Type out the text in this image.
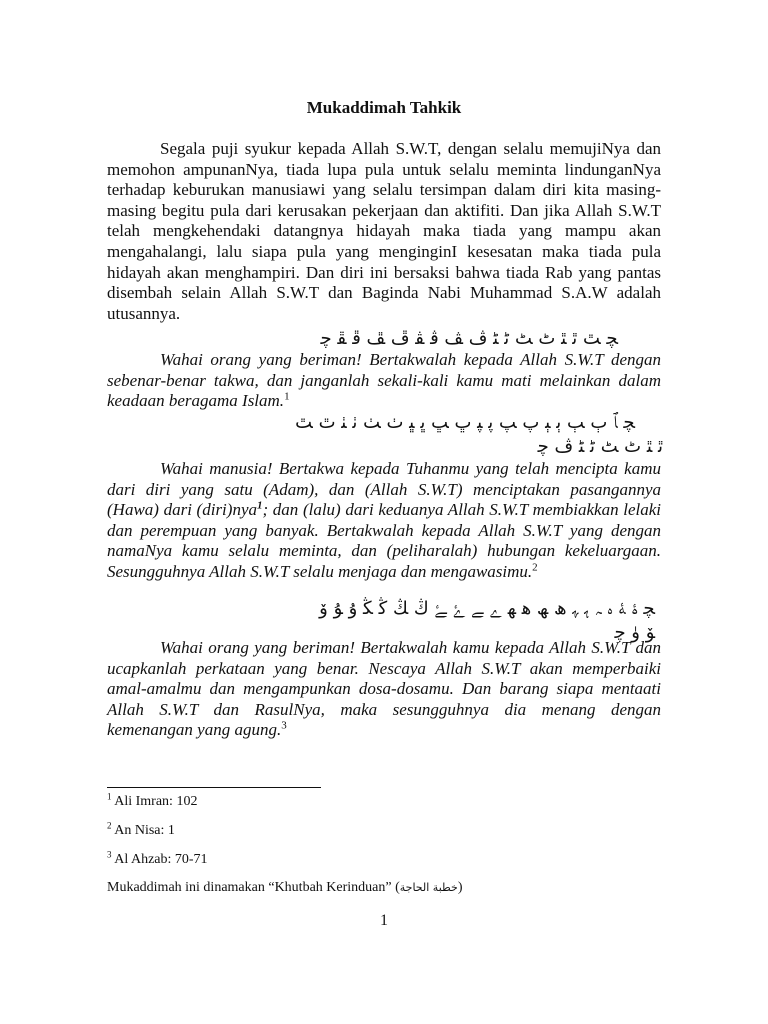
Mukaddimah Tahkik

Segala puji syukur kepada Allah S.W.T, dengan selalu memujiNya dan memohon ampunanNya, tiada lupa pula untuk selalu meminta lindunganNya terhadap keburukan manusiawi yang selalu tersimpan dalam diri kita masing-masing begitu pula dari kerusakan pekerjaan dan aktifiti. Dan jika Allah S.W.T telah mengkehendaki datangnya hidayah maka tiada yang mampu akan mengahalangi, lalu siapa pula yang menginginI kesesatan maka tiada pula hidayah akan menghampiri. Dan diri ini bersaksi bahwa tiada Rab yang pantas disembah selain Allah S.W.T dan Baginda Nabi Muhammad S.A.W adalah utusannya.

ﭽ ﭣ ﭤ ﭥ ﭦ ﭧ ﭨ ﭩ ﭪ ﭫ ﭬ ﭭ ﭮ ﭯ ﭰ ﭱ ﭼ

Wahai orang yang beriman! Bertakwalah kepada Allah S.W.T dengan sebenar-benar takwa, dan janganlah sekali-kali kamu mati melainkan dalam keadaan beragama Islam.$^1$

ﭽ ﭑ ﭒ ﭓ ﭔ ﭕ ﭖ ﭗ ﭘ ﭙ ﭚ ﭛ ﭜ ﭝ ﭞ ﭟ ﭠ ﭡ ﭢ ﭣ
ﭤ ﭥ ﭦ ﭧ ﭨ ﭩ ﭪ ﭼ

Wahai manusia! Bertakwa kepada Tuhanmu yang telah mencipta kamu dari diri yang satu (Adam), dan (Allah S.W.T) menciptakan pasangannya (Hawa) dari (diri)nya$^1$; dan (lalu) dari keduanya Allah S.W.T membiakkan lelaki dan perempuan yang banyak. Bertakwalah kepada Allah S.W.T yang dengan namaNya kamu selalu meminta, dan (peliharalah) hubungan kekeluargaan. Sesungguhnya Allah S.W.T selalu menjaga dan mengawasimu.$^2$

ﭽ ﮤ ﮥ ﮦ ﮧ ﮨ ﮩ ﮪ ﮫ ﮬ ﮭ ﮮ ﮯ ﮰ ﮱ ﯓ ﯔ ﯕ ﯖ ﯗ ﯘ ﯙ
ﯚ ﯛ ﭼ

Wahai orang yang beriman! Bertakwalah kamu kepada Allah S.W.T dan ucapkanlah perkataan yang benar. Nescaya Allah S.W.T akan memperbaiki amal-amalmu dan mengampunkan dosa-dosamu. Dan barang siapa mentaati Allah S.W.T dan RasulNya, maka sesungguhnya dia menang dengan kemenangan yang agung.$^3$

$^1$ Ali Imran: 102
$^2$ An Nisa: 1
$^3$ Al Ahzab: 70-71
Mukaddimah ini dinamakan “Khutbah Kerinduan” (خطبة الحاجة)
1
